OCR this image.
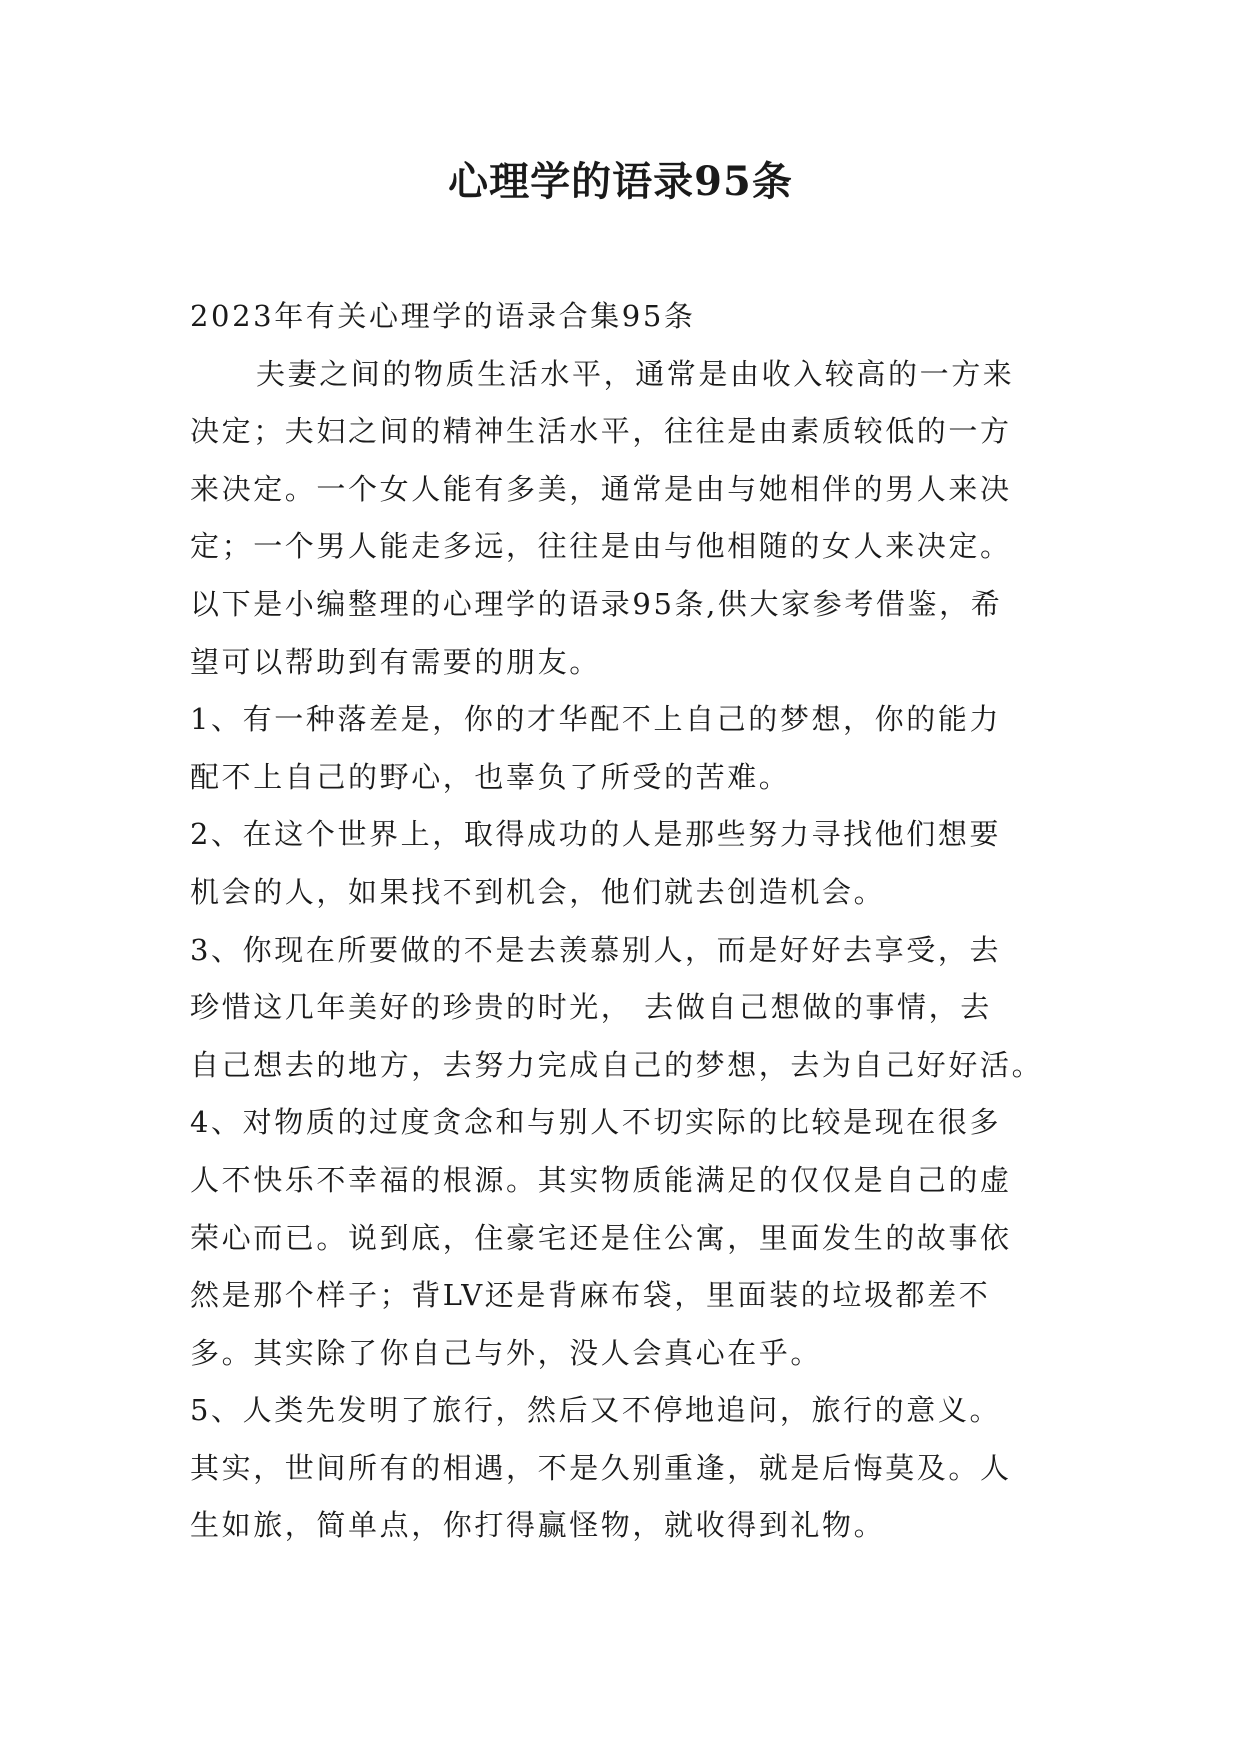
心理学的语录95条

2023年有关心理学的语录合集95条

夫妻之间的物质生活水平，通常是由收入较高的一方来

决定；夫妇之间的精神生活水平，往往是由素质较低的一方

来决定。一个女人能有多美，通常是由与她相伴的男人来决

定；一个男人能走多远，往往是由与他相随的女人来决定。

以下是小编整理的心理学的语录95条,供大家参考借鉴，希

望可以帮助到有需要的朋友。

1、有一种落差是，你的才华配不上自己的梦想，你的能力

配不上自己的野心，也辜负了所受的苦难。

2、在这个世界上，取得成功的人是那些努力寻找他们想要

机会的人，如果找不到机会，他们就去创造机会。

3、你现在所要做的不是去羡慕别人，而是好好去享受，去

珍惜这几年美好的珍贵的时光， 去做自己想做的事情，去

自己想去的地方，去努力完成自己的梦想，去为自己好好活。

4、对物质的过度贪念和与别人不切实际的比较是现在很多

人不快乐不幸福的根源。其实物质能满足的仅仅是自己的虚

荣心而已。说到底，住豪宅还是住公寓，里面发生的故事依

然是那个样子；背LV还是背麻布袋，里面装的垃圾都差不

多。其实除了你自己与外，没人会真心在乎。

5、人类先发明了旅行，然后又不停地追问，旅行的意义。

其实，世间所有的相遇，不是久别重逢，就是后悔莫及。人

生如旅，简单点，你打得赢怪物，就收得到礼物。
